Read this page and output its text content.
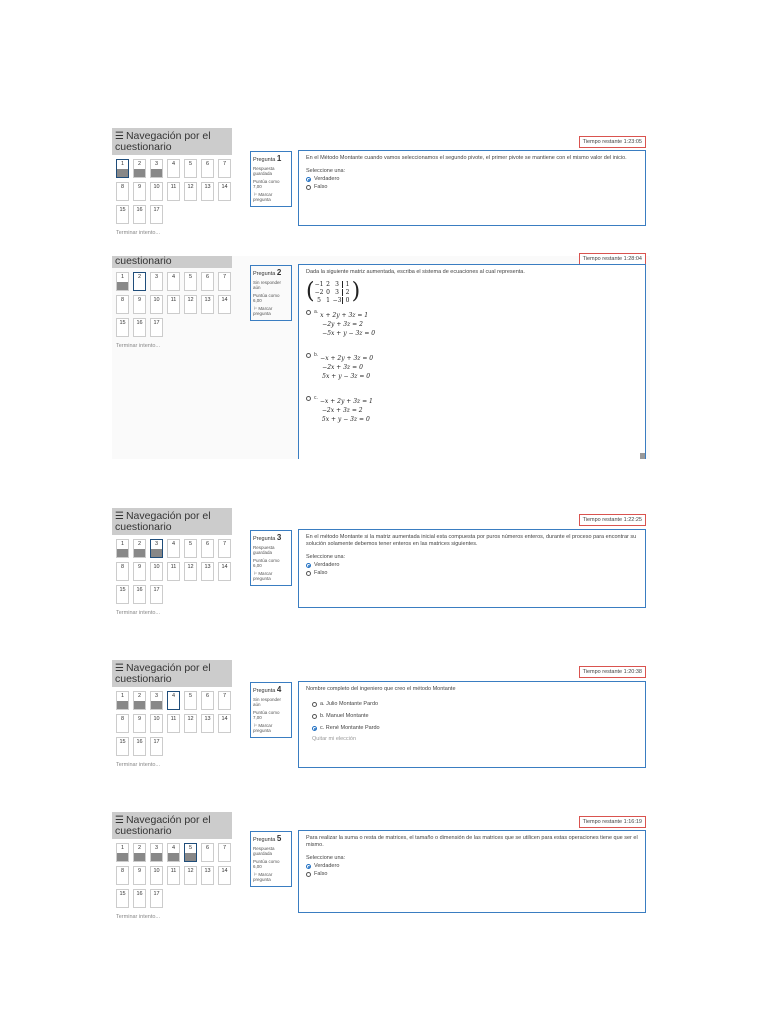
☰ Navegación por el cuestionario
1	2	3	4	5	6	7
8	9	10	11	12	13	14
15	16	17
Terminar intento...
Tiempo restante 1:23:05
Pregunta 1
Respuesta guardada
Puntúa como 7,00
⚐ Marcar pregunta
En el Método Montante cuando vamos seleccionamos el segundo pivote, el primer pivote se mantiene con el mismo valor del inicio.
Seleccione una:
Verdadero
Falso
cuestionario
1	2	3	4	5	6	7
8	9	10	11	12	13	14
15	16	17
Terminar intento...
Tiempo restante 1:28:04
Pregunta 2
Sin responder aún
Puntúa como 6,00
⚐ Marcar pregunta
Dada la siguiente matriz aumentada, escriba el sistema de ecuaciones al cual representa.
( −1 2 3	1
−2 0 3	2
5 1 −3 0 )
a. x + 2y + 3z = 1
−2y + 3z = 2
−5x + y − 3z = 0
b. −x + 2y + 3z = 0
−2x + 3z = 0
5x + y − 3z = 0
c. −x + 2y + 3z = 1
−2x + 3z = 2
5x + y − 3z = 0
☰ Navegación por el cuestionario
1	2	3	4	5	6	7
8	9	10	11	12	13	14
15	16	17
Terminar intento...
Tiempo restante 1:22:25
Pregunta 3
Respuesta guardada
Puntúa como 6,00
⚐ Marcar pregunta
En el método Montante si la matriz aumentada inicial esta compuesta por puros números enteros, durante el proceso para encontrar su solución solamente debemos tener enteros en las matrices siguientes.
Seleccione una:
Verdadero
Falso
☰ Navegación por el cuestionario
1	2	3	4	5	6	7
8	9	10	11	12	13	14
15	16	17
Terminar intento...
Tiempo restante 1:20:38
Pregunta 4
Sin responder aún
Puntúa como 7,00
⚐ Marcar pregunta
Nombre completo del ingeniero que creo el método Montante
a. Julio Montante Pardo
b. Manuel Montante
c. René Montante Pardo
Quitar mi elección
☰ Navegación por el cuestionario
1	2	3	4	5	6	7
8	9	10	11	12	13	14
15	16	17
Terminar intento...
Tiempo restante 1:16:19
Pregunta 5
Respuesta guardada
Puntúa como 6,00
⚐ Marcar pregunta
Para realizar la suma o resta de matrices, el tamaño o dimensión de las matrices que se utilicen para estas operaciones tiene que ser el mismo.
Seleccione una:
Verdadero
Falso
